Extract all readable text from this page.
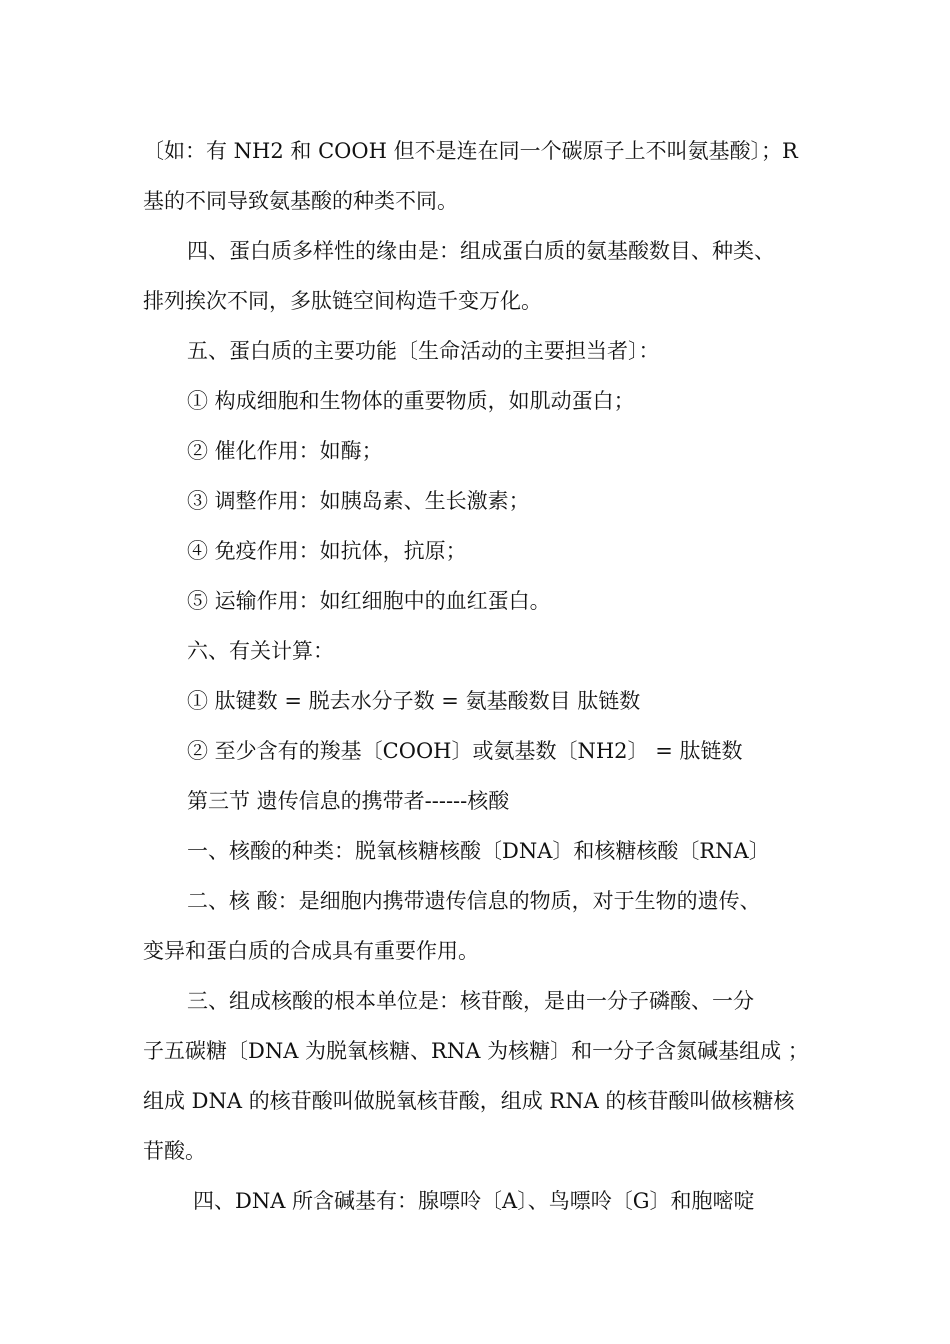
〔如：有 NH2 和 COOH 但不是连在同一个碳原子上不叫氨基酸〕；R
基的不同导致氨基酸的种类不同。
四、蛋白质多样性的缘由是：组成蛋白质的氨基酸数目、种类、
排列挨次不同，多肽链空间构造千变万化。
五、蛋白质的主要功能〔生命活动的主要担当者〕：
① 构成细胞和生物体的重要物质，如肌动蛋白；
② 催化作用：如酶；
③ 调整作用：如胰岛素、生长激素；
④ 免疫作用：如抗体，抗原；
⑤ 运输作用：如红细胞中的血红蛋白。
六、有关计算：
① 肽键数 = 脱去水分子数 = 氨基酸数目 肽链数
② 至少含有的羧基〔COOH〕或氨基数〔NH2〕 = 肽链数
第三节 遗传信息的携带者------核酸
一、核酸的种类：脱氧核糖核酸〔DNA〕和核糖核酸〔RNA〕
二、核 酸：是细胞内携带遗传信息的物质，对于生物的遗传、
变异和蛋白质的合成具有重要作用。
三、组成核酸的根本单位是：核苷酸，是由一分子磷酸、一分
子五碳糖〔DNA 为脱氧核糖、RNA 为核糖〕和一分子含氮碱基组成 ；
组成 DNA 的核苷酸叫做脱氧核苷酸，组成 RNA 的核苷酸叫做核糖核
苷酸。
四、DNA 所含碱基有：腺嘌呤〔A〕、鸟嘌呤〔G〕和胞嘧啶
